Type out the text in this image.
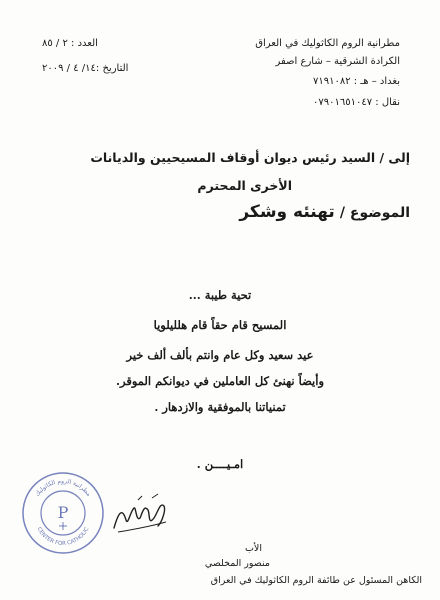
مطرانية الروم الكاثوليك في العراق
الكرادة الشرقية – شارع اصفر
بغداد – هـ : ٧١٩١٠٨٢
نقال : ٠٧٩٠١٦٥١٠٤٧
العدد : ٢ / ٨٥
التاريخ :١٤/ ٤ / ٢٠٠٩
إلى / السيد رئيس ديوان أوقاف المسيحيين والديانات
الأخرى المحترم
الموضوع / تهنئه وشكر
تحية طيبة ...
المسيح قام حقاً قام هلليلويا
عيد سعيد وكل عام وانتم بألف ألف خير
وأيضاً نهنئ كل العاملين في ديوانكم الموقر.
تمنياتنا بالموفقية والازدهار .
امـيــــن .
مطرانية الروم الكاثوليك
CENTER FOR CATHOLIC
P
الأب
منصور المخلصي
الكاهن المسئول عن طائفة الروم الكاثوليك في العراق
